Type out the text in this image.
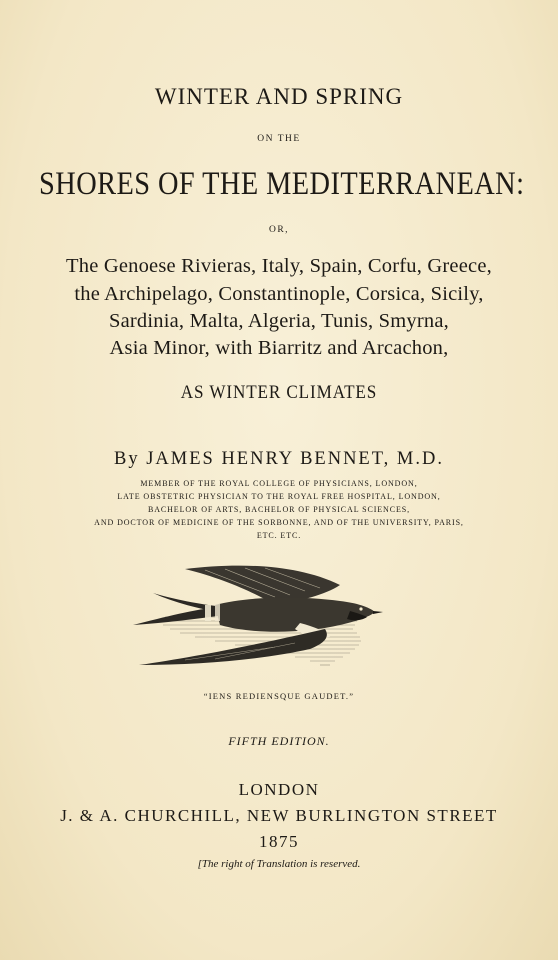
WINTER AND SPRING

ON THE

SHORES OF THE MEDITERRANEAN:

OR,

The Genoese Rivieras, Italy, Spain, Corfu, Greece,

the Archipelago, Constantinople, Corsica, Sicily,

Sardinia, Malta, Algeria, Tunis, Smyrna,

Asia Minor, with Biarritz and Arcachon,

AS WINTER CLIMATES

By JAMES HENRY BENNET, M.D.

MEMBER OF THE ROYAL COLLEGE OF PHYSICIANS, LONDON,

LATE OBSTETRIC PHYSICIAN TO THE ROYAL FREE HOSPITAL, LONDON,

BACHELOR OF ARTS, BACHELOR OF PHYSICAL SCIENCES,

AND DOCTOR OF MEDICINE OF THE SORBONNE, AND OF THE UNIVERSITY, PARIS,

ETC. ETC.

“IENS REDIENSQUE GAUDET.”

FIFTH EDITION.

LONDON

J. & A. CHURCHILL, NEW BURLINGTON STREET

1875

[The right of Translation is reserved.
